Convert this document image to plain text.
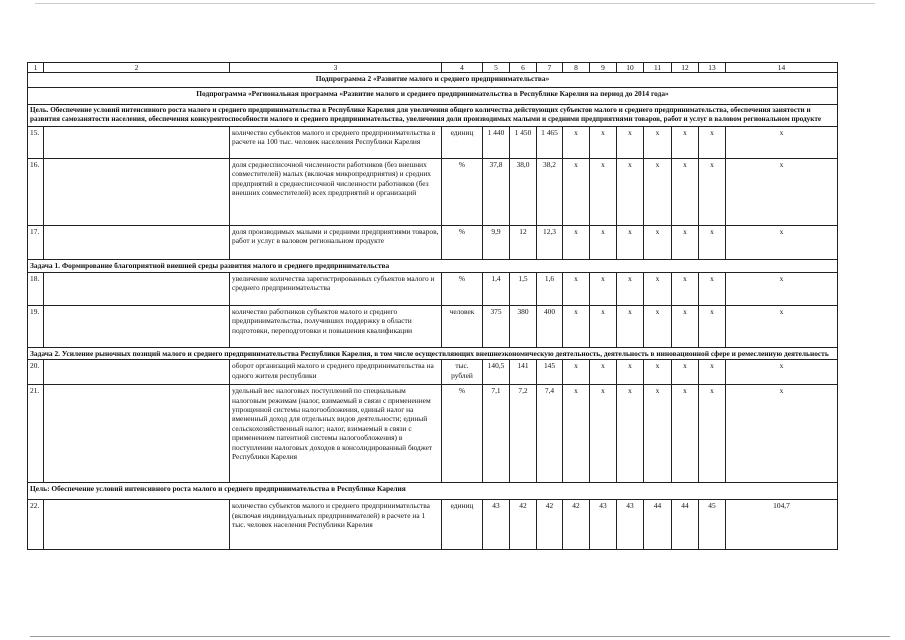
1	2	3	4	5	6	7	8	9	10	11	12	13	14
Подпрограмма 2 «Развитие малого и среднего предпринимательства»													
Подпрограмма «Региональная программа «Развитие малого и среднего предпринимательства в Республике Карелия на период до 2014 года»													
Цель. Обеспечение условий интенсивного роста малого и среднего предпринимательства в Республике Карелия для увеличения общего количества действующих субъектов малого и среднего предпринимательства, обеспечения занятости и развития самозанятости населения, обеспечения конкурентоспособности малого и среднего предпринимательства, увеличения доли производимых малыми и средними предприятиями товаров, работ и услуг в валовом региональном продукте													
15.		количество субъектов малого и среднего предпринимательства в расчете на 100 тыс. человек населения Республики Карелия	единиц	1 440	1 450	1 465	x	x	x	x	x	x	x
16.		доля среднесписочной численности работников (без внешних совместителей) малых (включая микропредприятия) и средних предприятий в среднесписочной численности работников (без внешних совместителей) всех предприятий и организаций	%	37,8	38,0	38,2	x	x	x	x	x	x	x
17.		доля производимых малыми и средними предприятиями товаров, работ и услуг в валовом региональном продукте	%	9,9	12	12,3	x	x	x	x	x	x	x
Задача 1. Формирование благоприятной внешней среды развития малого и среднего предпринимательства													
18.		увеличение количества зарегистрированных субъектов малого и среднего предпринимательства	%	1,4	1,5	1,6	x	x	x	x	x	x	x
19.		количество работников субъектов малого и среднего предпринимательства, получивших поддержку в области подготовки, переподготовки и повышения квалификации	человек	375	380	400	x	x	x	x	x	x	x
Задача 2. Усиление рыночных позиций малого и среднего предпринимательства Республики Карелия, в том числе осуществляющих внешнеэкономическую деятельность, деятельность в инновационной сфере и ремесленную деятельность													
20.		оборот организаций малого и среднего предпринимательства на одного жителя республики	тыс. рублей	140,5	141	145	x	x	x	x	x	x	x
21.		удельный вес налоговых поступлений по специальным налоговым режимам (налог, взимаемый в связи с применением упрощенной системы налогообложения, единый налог на вмененный доход для отдельных видов деятельности; единый сельскохозяйственный налог; налог, взимаемый в связи с применением патентной системы налогообложения) в поступлении налоговых доходов в консолидированный бюджет Республики Карелия	%	7,1	7,2	7,4	x	x	x	x	x	x	x
Цель: Обеспечение условий интенсивного роста малого и среднего предпринимательства в Республике Карелия													
22.		количество субъектов малого и среднего предпринимательства (включая индивидуальных предпринимателей) в расчете на 1 тыс. человек населения Республики Карелия	единиц	43	42	42	42	43	43	44	44	45	104,7
